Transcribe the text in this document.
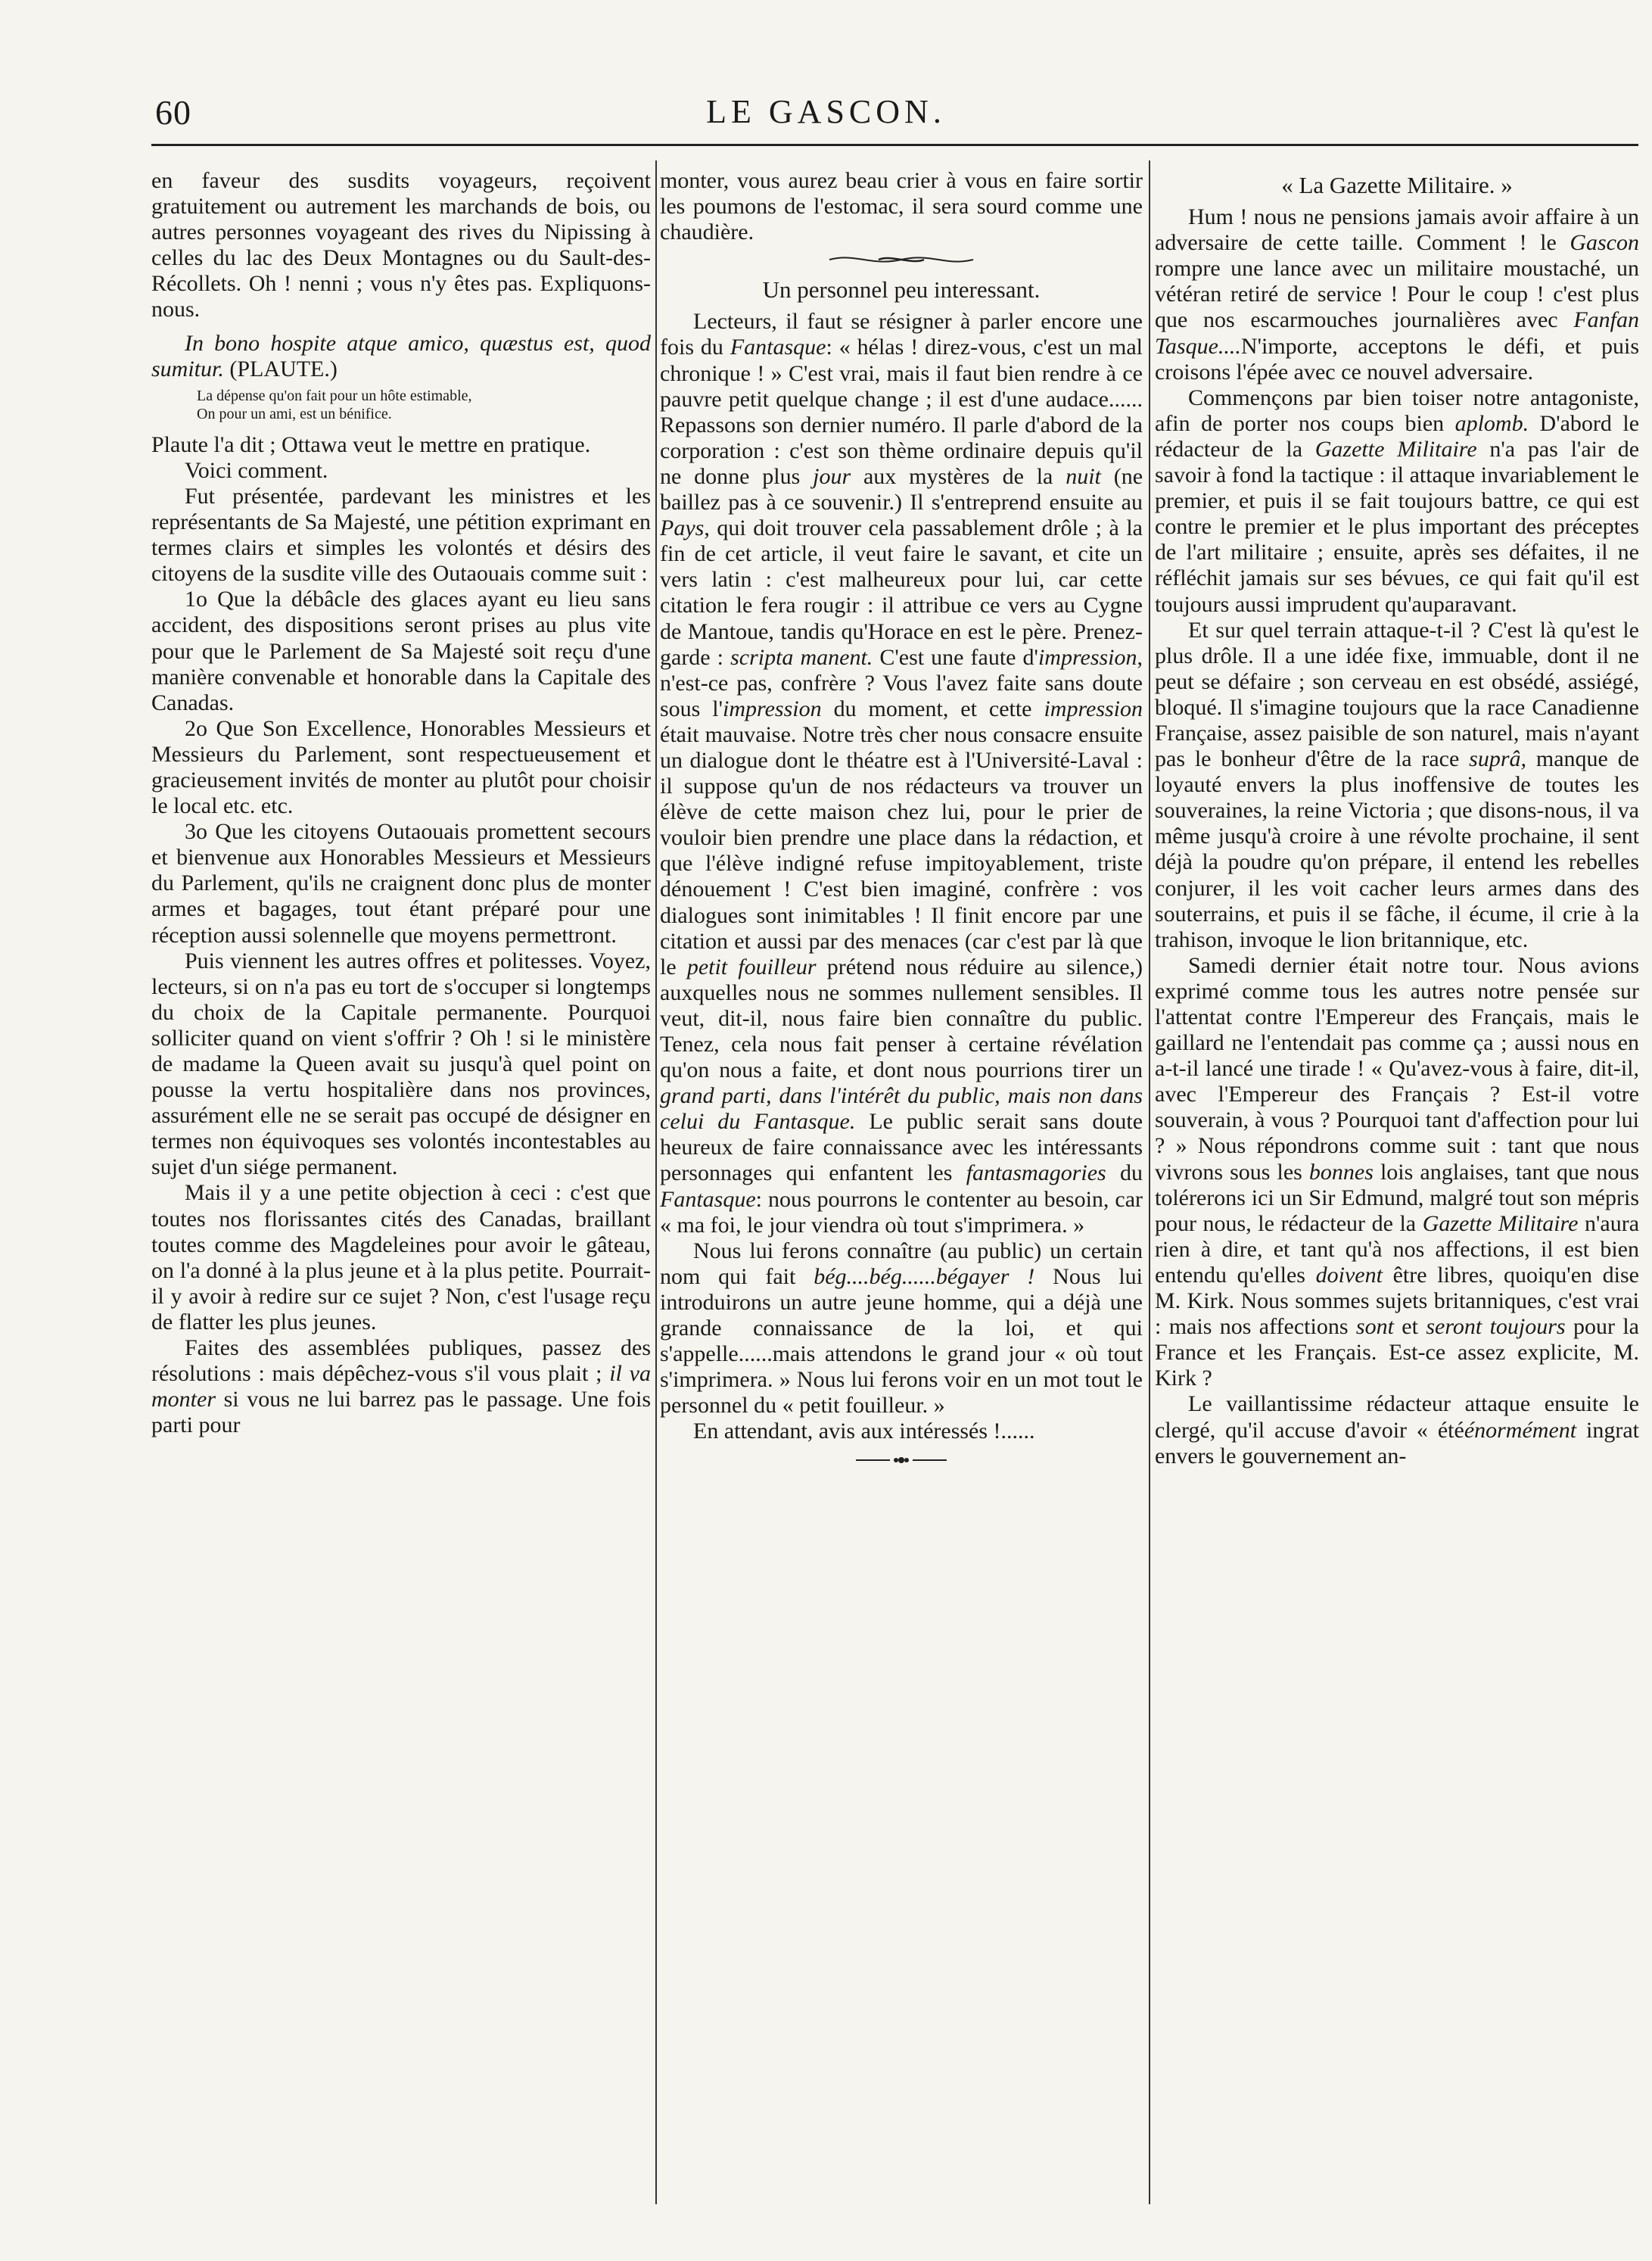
60	LE GASCON.

en faveur des susdits voyageurs, reçoivent gratuitement ou autrement les marchands de bois, ou autres personnes voyageant des rives du Nipissing à celles du lac des Deux Montagnes ou du Sault-des-Récollets. Oh ! nenni ; vous n'y êtes pas. Expliquons-nous.

In bono hospite atque amico, quæstus est, quod sumitur. (PLAUTE.)

La dépense qu'on fait pour un hôte estimable,
On pour un ami, est un bénifice.

Plaute l'a dit ; Ottawa veut le mettre en pratique.

Voici comment.

Fut présentée, pardevant les ministres et les représentants de Sa Majesté, une pétition exprimant en termes clairs et simples les volontés et désirs des citoyens de la susdite ville des Outaouais comme suit :

1o Que la débâcle des glaces ayant eu lieu sans accident, des dispositions seront prises au plus vite pour que le Parlement de Sa Majesté soit reçu d'une manière convenable et honorable dans la Capitale des Canadas.

2o Que Son Excellence, Honorables Messieurs et Messieurs du Parlement, sont respectueusement et gracieusement invités de monter au plutôt pour choisir le local etc. etc.

3o Que les citoyens Outaouais promettent secours et bienvenue aux Honorables Messieurs et Messieurs du Parlement, qu'ils ne craignent donc plus de monter armes et bagages, tout étant préparé pour une réception aussi solennelle que moyens permettront.

Puis viennent les autres offres et politesses. Voyez, lecteurs, si on n'a pas eu tort de s'occuper si longtemps du choix de la Capitale permanente. Pourquoi solliciter quand on vient s'offrir ? Oh ! si le ministère de madame la Queen avait su jusqu'à quel point on pousse la vertu hospitalière dans nos provinces, assurément elle ne se serait pas occupé de désigner en termes non équivoques ses volontés incontestables au sujet d'un siége permanent.

Mais il y a une petite objection à ceci : c'est que toutes nos florissantes cités des Canadas, braillant toutes comme des Magdeleines pour avoir le gâteau, on l'a donné à la plus jeune et à la plus petite. Pourrait-il y avoir à redire sur ce sujet ? Non, c'est l'usage reçu de flatter les plus jeunes.

Faites des assemblées publiques, passez des résolutions : mais dépêchez-vous s'il vous plait ; il va monter si vous ne lui barrez pas le passage. Une fois parti pour

monter, vous aurez beau crier à vous en faire sortir les poumons de l'estomac, il sera sourd comme une chaudière.

Un personnel peu interessant.

Lecteurs, il faut se résigner à parler encore une fois du Fantasque: « hélas ! direz-vous, c'est un mal chronique ! » C'est vrai, mais il faut bien rendre à ce pauvre petit quelque change ; il est d'une audace...... Repassons son dernier numéro. Il parle d'abord de la corporation : c'est son thème ordinaire depuis qu'il ne donne plus jour aux mystères de la nuit (ne baillez pas à ce souvenir.) Il s'entreprend ensuite au Pays, qui doit trouver cela passablement drôle ; à la fin de cet article, il veut faire le savant, et cite un vers latin : c'est malheureux pour lui, car cette citation le fera rougir : il attribue ce vers au Cygne de Mantoue, tandis qu'Horace en est le père. Prenez-garde : scripta manent. C'est une faute d'impression, n'est-ce pas, confrère ? Vous l'avez faite sans doute sous l'impression du moment, et cette impression était mauvaise. Notre très cher nous consacre ensuite un dialogue dont le théatre est à l'Université-Laval : il suppose qu'un de nos rédacteurs va trouver un élève de cette maison chez lui, pour le prier de vouloir bien prendre une place dans la rédaction, et que l'élève indigné refuse impitoyablement, triste dénouement ! C'est bien imaginé, confrère : vos dialogues sont inimitables ! Il finit encore par une citation et aussi par des menaces (car c'est par là que le petit fouilleur prétend nous réduire au silence,) auxquelles nous ne sommes nullement sensibles. Il veut, dit-il, nous faire bien connaître du public. Tenez, cela nous fait penser à certaine révélation qu'on nous a faite, et dont nous pourrions tirer un grand parti, dans l'intérêt du public, mais non dans celui du Fantasque. Le public serait sans doute heureux de faire connaissance avec les intéressants personnages qui enfantent les fantasmagories du Fantasque: nous pourrons le contenter au besoin, car « ma foi, le jour viendra où tout s'imprimera. »

Nous lui ferons connaître (au public) un certain nom qui fait bég....bég......bégayer ! Nous lui introduirons un autre jeune homme, qui a déjà une grande connaissance de la loi, et qui s'appelle......mais attendons le grand jour « où tout s'imprimera. » Nous lui ferons voir en un mot tout le personnel du « petit fouilleur. »

En attendant, avis aux intéressés !......

« La Gazette Militaire. »

Hum ! nous ne pensions jamais avoir affaire à un adversaire de cette taille. Comment ! le Gascon rompre une lance avec un militaire moustaché, un vétéran retiré de service ! Pour le coup ! c'est plus que nos escarmouches journalières avec Fanfan Tasque....N'importe, acceptons le défi, et puis croisons l'épée avec ce nouvel adversaire.

Commençons par bien toiser notre antagoniste, afin de porter nos coups bien aplomb. D'abord le rédacteur de la Gazette Militaire n'a pas l'air de savoir à fond la tactique : il attaque invariablement le premier, et puis il se fait toujours battre, ce qui est contre le premier et le plus important des préceptes de l'art militaire ; ensuite, après ses défaites, il ne réfléchit jamais sur ses bévues, ce qui fait qu'il est toujours aussi imprudent qu'auparavant.

Et sur quel terrain attaque-t-il ? C'est là qu'est le plus drôle. Il a une idée fixe, immuable, dont il ne peut se défaire ; son cerveau en est obsédé, assiégé, bloqué. Il s'imagine toujours que la race Canadienne Française, assez paisible de son naturel, mais n'ayant pas le bonheur d'être de la race suprâ, manque de loyauté envers la plus inoffensive de toutes les souveraines, la reine Victoria ; que disons-nous, il va même jusqu'à croire à une révolte prochaine, il sent déjà la poudre qu'on prépare, il entend les rebelles conjurer, il les voit cacher leurs armes dans des souterrains, et puis il se fâche, il écume, il crie à la trahison, invoque le lion britannique, etc.

Samedi dernier était notre tour. Nous avions exprimé comme tous les autres notre pensée sur l'attentat contre l'Empereur des Français, mais le gaillard ne l'entendait pas comme ça ; aussi nous en a-t-il lancé une tirade ! « Qu'avez-vous à faire, dit-il, avec l'Empereur des Français ? Est-il votre souverain, à vous ? Pourquoi tant d'affection pour lui ? » Nous répondrons comme suit : tant que nous vivrons sous les bonnes lois anglaises, tant que nous tolérerons ici un Sir Edmund, malgré tout son mépris pour nous, le rédacteur de la Gazette Militaire n'aura rien à dire, et tant qu'à nos affections, il est bien entendu qu'elles doivent être libres, quoiqu'en dise M. Kirk. Nous sommes sujets britanniques, c'est vrai : mais nos affections sont et seront toujours pour la France et les Français. Est-ce assez explicite, M. Kirk ?

Le vaillantissime rédacteur attaque ensuite le clergé, qu'il accuse d'avoir « étéénormément ingrat envers le gouvernement an-
